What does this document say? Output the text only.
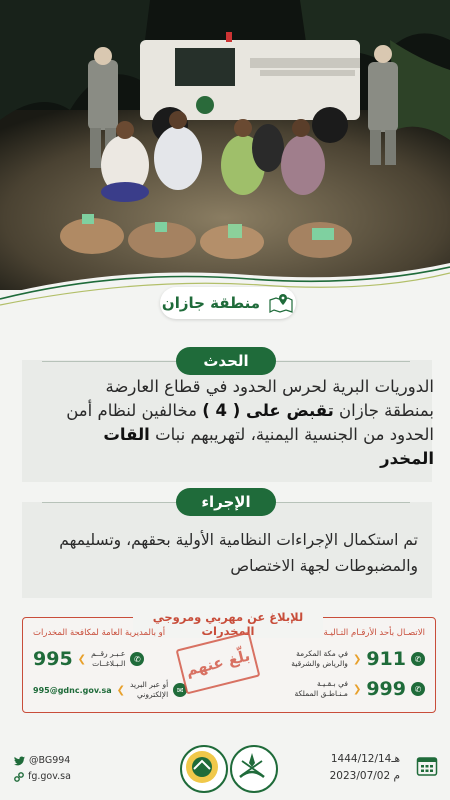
منطقة جازان
الحدث
الدوريات البرية لحرس الحدود في قطاع العارضة
بمنطقة جازان تقبض على ( 4 ) مخالفين لنظام أمن
الحدود من الجنسية اليمنية، لتهريبهم نبات القات
المخدر
الإجراء
تم استكمال الإجراءات النظامية الأولية بحقهم، وتسليمهم
والمضبوطات لجهة الاختصاص
للإبلاغ عن مهربي ومروجي المخدرات	الاتصـال بأحد الأرقـام التـاليـة
أو بالمديرية العامة لمكافحة المخدرات
✆
911
❮
في مكة المكرمة
والرياض والشرقية
✆
999
❮
في بـقـيـة
مـنـاطـق المملكة
995 ❮ عـبـر رقــم
الـبـلاغــات	✆
995@gdnc.gov.sa ❮ أو عبر البريد
الإلكتروني	✉
بلّغ عنهم
@BG994
fg.gov.sa
1444/12/14هـ
2023/07/02 م
